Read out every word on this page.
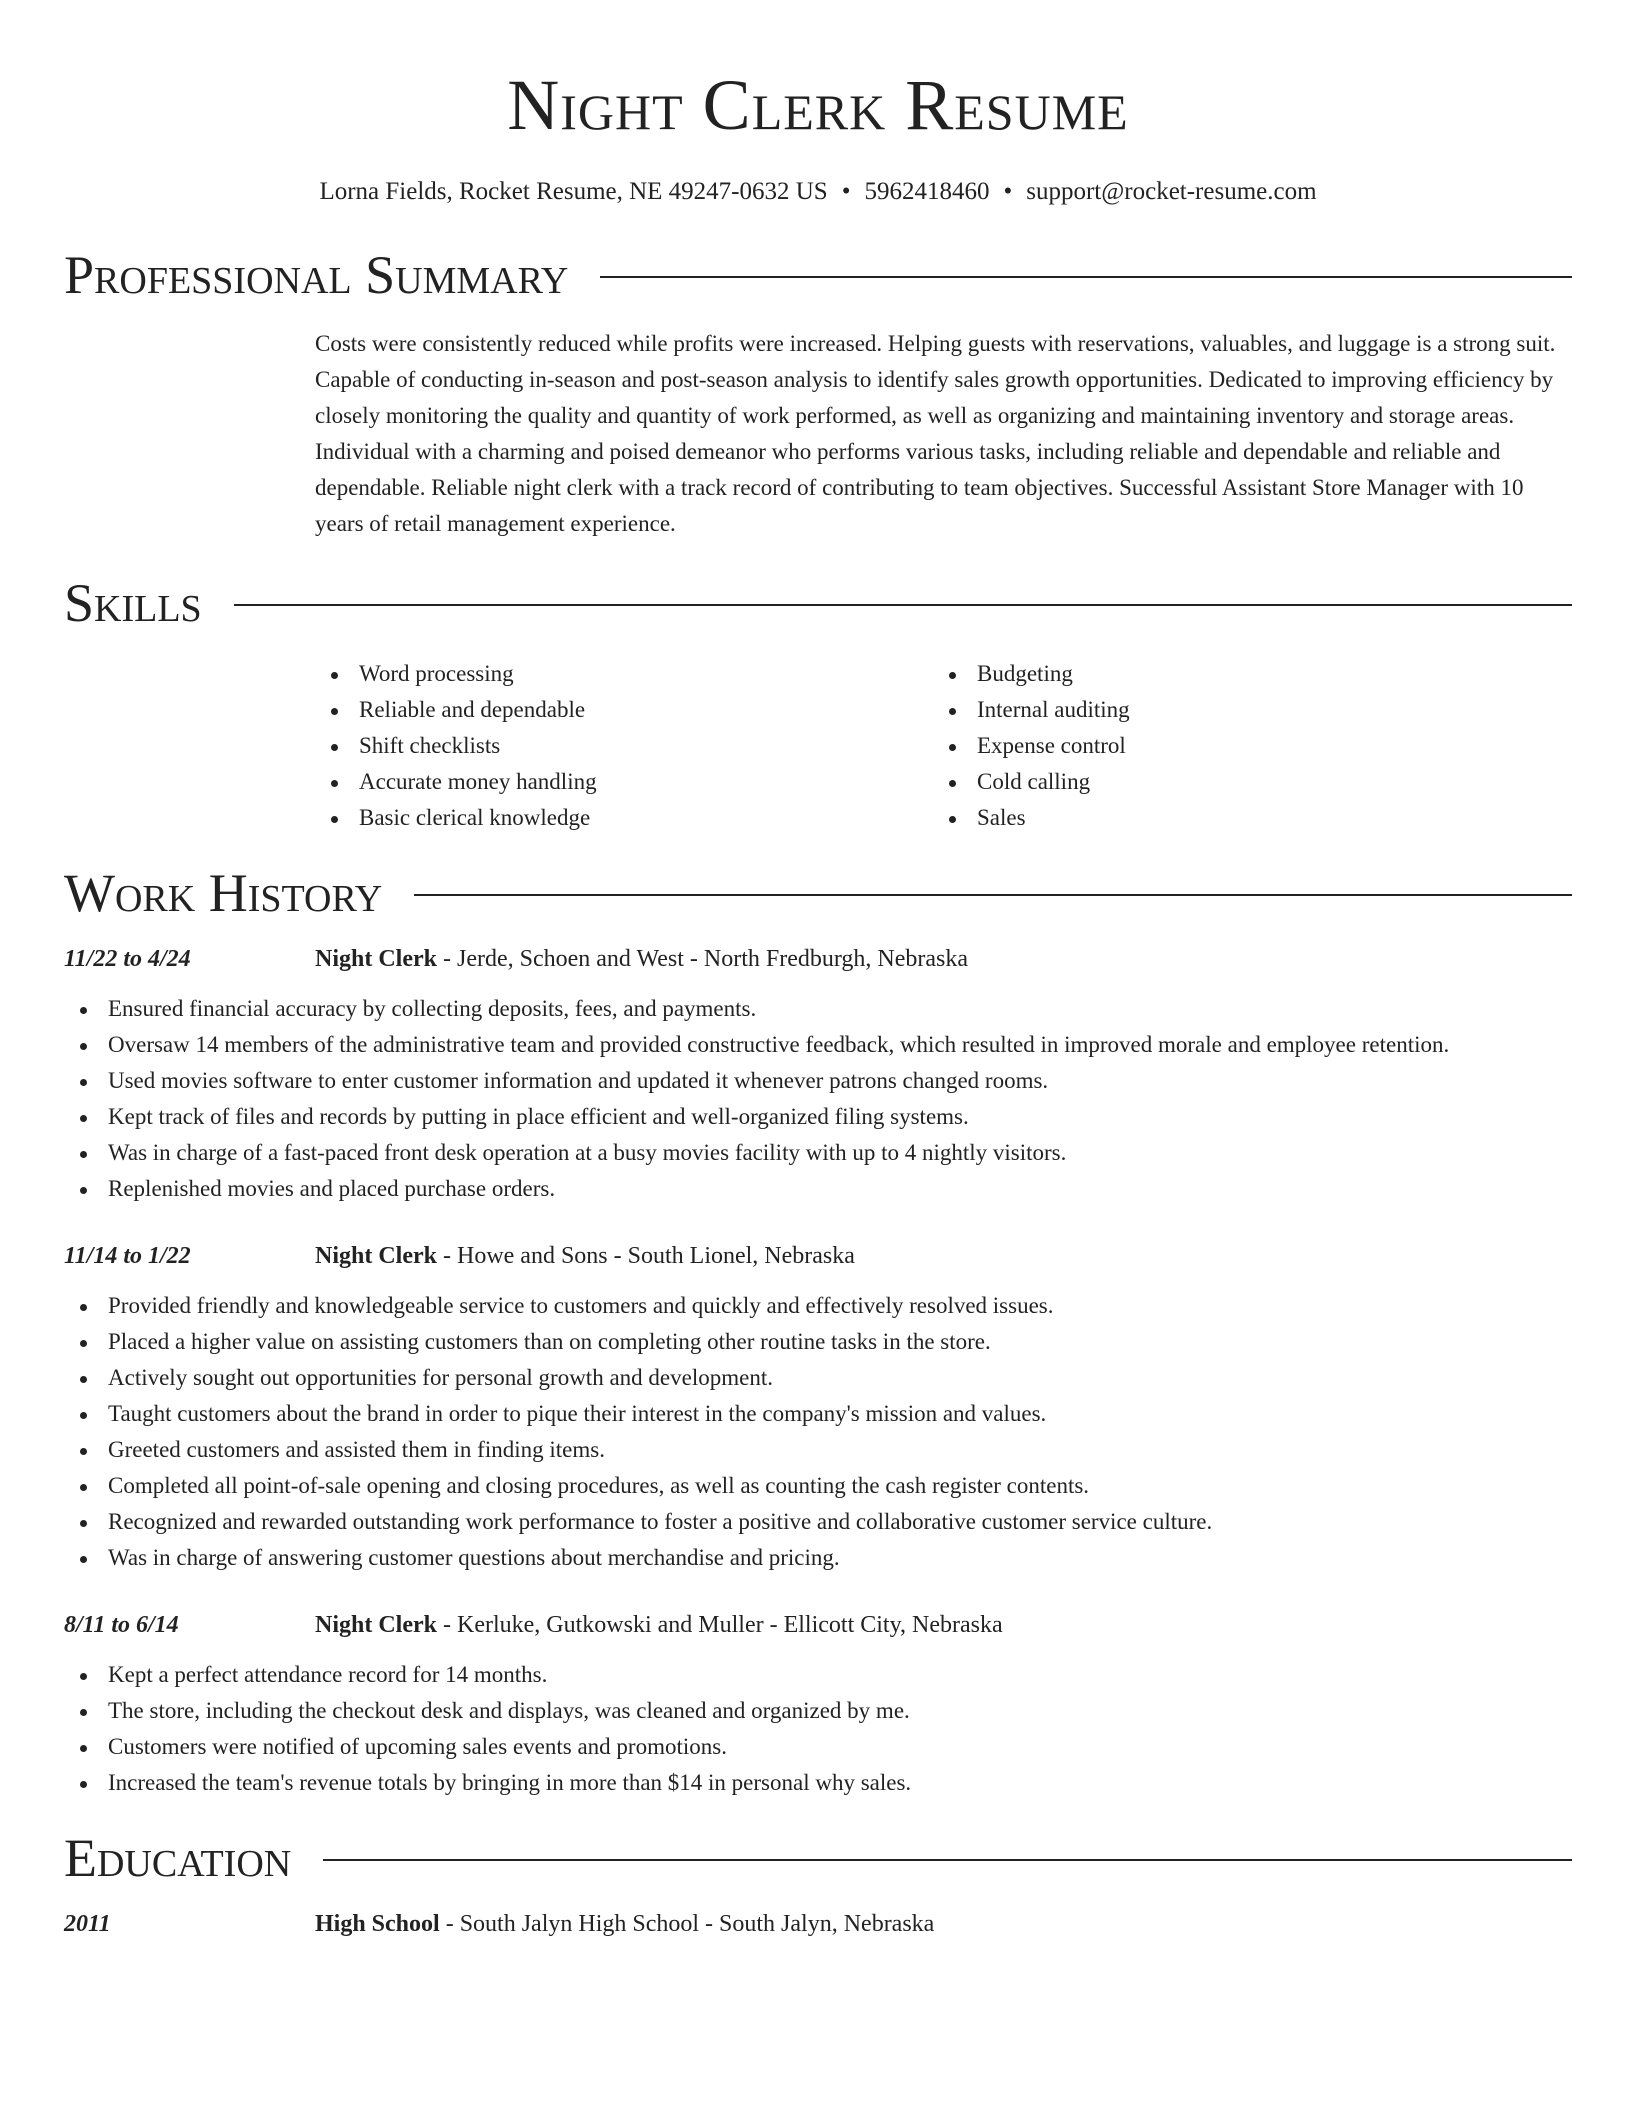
Night Clerk Resume
Lorna Fields, Rocket Resume, NE 49247-0632 US • 5962418460 • support@rocket-resume.com
Professional Summary

Costs were consistently reduced while profits were increased. Helping guests with reservations, valuables, and luggage is a strong suit. Capable of conducting in-season and post-season analysis to identify sales growth opportunities. Dedicated to improving efficiency by closely monitoring the quality and quantity of work performed, as well as organizing and maintaining inventory and storage areas. Individual with a charming and poised demeanor who performs various tasks, including reliable and dependable and reliable and dependable. Reliable night clerk with a track record of contributing to team objectives. Successful Assistant Store Manager with 10 years of retail management experience.

Skills
Word processing
Reliable and dependable
Shift checklists
Accurate money handling
Basic clerical knowledge
Budgeting
Internal auditing
Expense control
Cold calling
Sales
Work History
11/22 to 4/24	Night Clerk - Jerde, Schoen and West - North Fredburgh, Nebraska
Ensured financial accuracy by collecting deposits, fees, and payments.
Oversaw 14 members of the administrative team and provided constructive feedback, which resulted in improved morale and employee retention.
Used movies software to enter customer information and updated it whenever patrons changed rooms.
Kept track of files and records by putting in place efficient and well-organized filing systems.
Was in charge of a fast-paced front desk operation at a busy movies facility with up to 4 nightly visitors.
Replenished movies and placed purchase orders.
11/14 to 1/22	Night Clerk - Howe and Sons - South Lionel, Nebraska
Provided friendly and knowledgeable service to customers and quickly and effectively resolved issues.
Placed a higher value on assisting customers than on completing other routine tasks in the store.
Actively sought out opportunities for personal growth and development.
Taught customers about the brand in order to pique their interest in the company's mission and values.
Greeted customers and assisted them in finding items.
Completed all point-of-sale opening and closing procedures, as well as counting the cash register contents.
Recognized and rewarded outstanding work performance to foster a positive and collaborative customer service culture.
Was in charge of answering customer questions about merchandise and pricing.
8/11 to 6/14	Night Clerk - Kerluke, Gutkowski and Muller - Ellicott City, Nebraska
Kept a perfect attendance record for 14 months.
The store, including the checkout desk and displays, was cleaned and organized by me.
Customers were notified of upcoming sales events and promotions.
Increased the team's revenue totals by bringing in more than $14 in personal why sales.
Education
2011	High School - South Jalyn High School - South Jalyn, Nebraska
